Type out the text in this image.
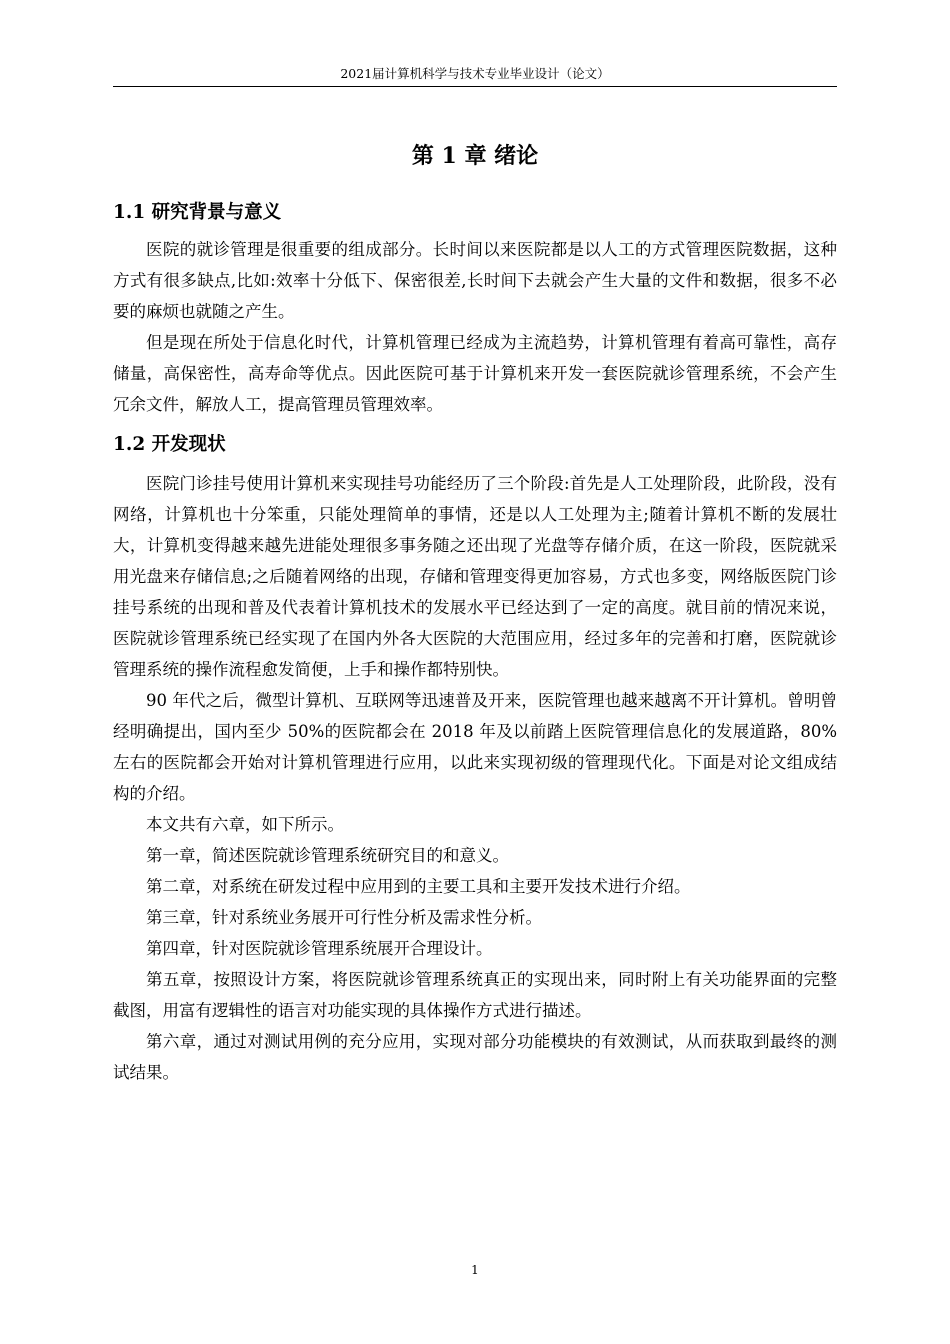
2021届计算机科学与技术专业毕业设计（论文）
第 1 章 绪论
1.1 研究背景与意义

医院的就诊管理是很重要的组成部分。长时间以来医院都是以人工的方式管理医院数据，这种方式有很多缺点,比如:效率十分低下、保密很差,长时间下去就会产生大量的文件和数据，很多不必要的麻烦也就随之产生。

但是现在所处于信息化时代，计算机管理已经成为主流趋势，计算机管理有着高可靠性，高存储量，高保密性，高寿命等优点。因此医院可基于计算机来开发一套医院就诊管理系统，不会产生冗余文件，解放人工，提高管理员管理效率。

1.2 开发现状

医院门诊挂号使用计算机来实现挂号功能经历了三个阶段:首先是人工处理阶段，此阶段，没有网络，计算机也十分笨重，只能处理简单的事情，还是以人工处理为主;随着计算机不断的发展壮大，计算机变得越来越先进能处理很多事务随之还出现了光盘等存储介质，在这一阶段，医院就采用光盘来存储信息;之后随着网络的出现，存储和管理变得更加容易，方式也多变，网络版医院门诊挂号系统的出现和普及代表着计算机技术的发展水平已经达到了一定的高度。就目前的情况来说，医院就诊管理系统已经实现了在国内外各大医院的大范围应用，经过多年的完善和打磨，医院就诊管理系统的操作流程愈发简便，上手和操作都特别快。

90 年代之后，微型计算机、互联网等迅速普及开来，医院管理也越来越离不开计算机。曾明曾经明确提出，国内至少 50%的医院都会在 2018 年及以前踏上医院管理信息化的发展道路，80%左右的医院都会开始对计算机管理进行应用，以此来实现初级的管理现代化。下面是对论文组成结构的介绍。

本文共有六章，如下所示。

第一章，简述医院就诊管理系统研究目的和意义。

第二章，对系统在研发过程中应用到的主要工具和主要开发技术进行介绍。

第三章，针对系统业务展开可行性分析及需求性分析。

第四章，针对医院就诊管理系统展开合理设计。

第五章，按照设计方案，将医院就诊管理系统真正的实现出来，同时附上有关功能界面的完整截图，用富有逻辑性的语言对功能实现的具体操作方式进行描述。

第六章，通过对测试用例的充分应用，实现对部分功能模块的有效测试，从而获取到最终的测试结果。

1
